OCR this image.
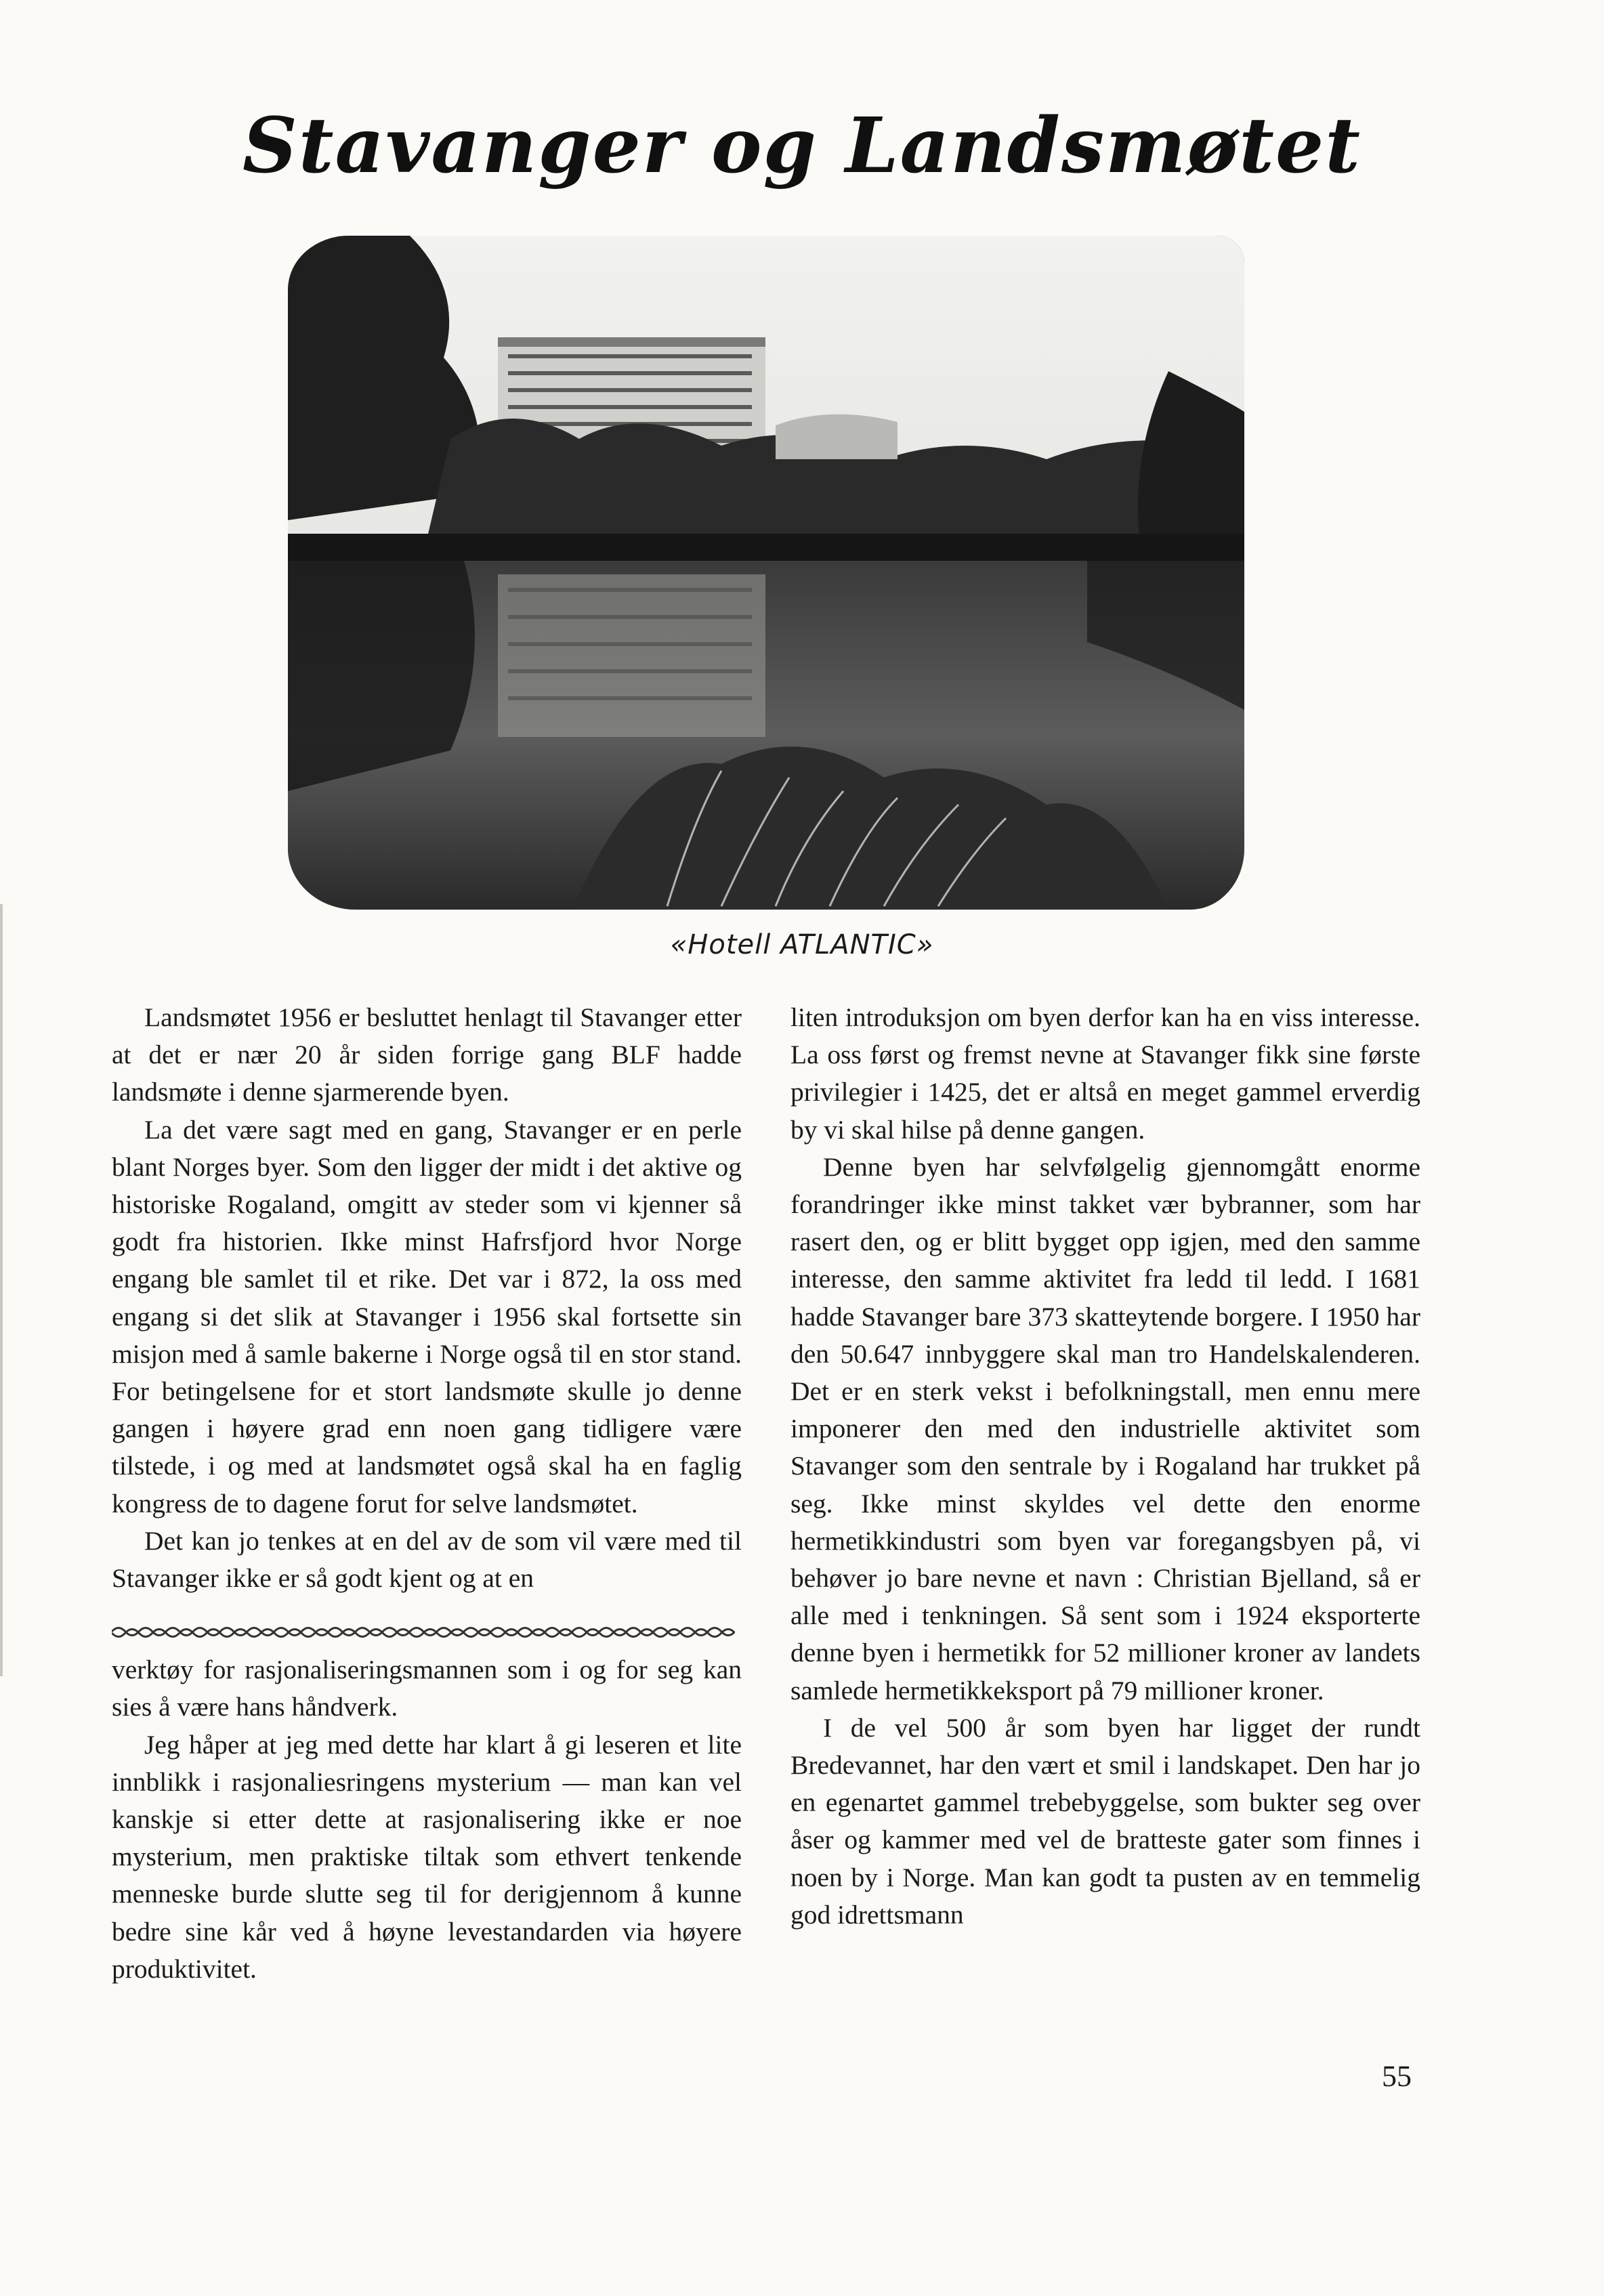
Stavanger og Landsmøtet
«Hotell ATLANTIC»

Landsmøtet 1956 er besluttet henlagt til Stavanger etter at det er nær 20 år siden forrige gang BLF hadde landsmøte i denne sjarmerende byen.

La det være sagt med en gang, Stavanger er en perle blant Norges byer. Som den ligger der midt i det aktive og historiske Rogaland, omgitt av steder som vi kjenner så godt fra historien. Ikke minst Hafrsfjord hvor Norge engang ble samlet til et rike. Det var i 872, la oss med engang si det slik at Stavanger i 1956 skal fortsette sin misjon med å samle bakerne i Norge også til en stor stand. For betingelsene for et stort landsmøte skulle jo denne gangen i høyere grad enn noen gang tidligere være tilstede, i og med at landsmøtet også skal ha en faglig kongress de to dagene forut for selve landsmøtet.

Det kan jo tenkes at en del av de som vil være med til Stavanger ikke er så godt kjent og at en

verktøy for rasjonaliseringsmannen som i og for seg kan sies å være hans håndverk.

Jeg håper at jeg med dette har klart å gi leseren et lite innblikk i rasjonaliesringens mysterium — man kan vel kanskje si etter dette at rasjonalisering ikke er noe mysterium, men praktiske tiltak som ethvert tenkende menneske burde slutte seg til for derigjennom å kunne bedre sine kår ved å høyne levestandarden via høyere produktivitet.

liten introduksjon om byen derfor kan ha en viss interesse. La oss først og fremst nevne at Stavanger fikk sine første privilegier i 1425, det er altså en meget gammel erverdig by vi skal hilse på denne gangen.

Denne byen har selvfølgelig gjennomgått enorme forandringer ikke minst takket vær bybranner, som har rasert den, og er blitt bygget opp igjen, med den samme interesse, den samme aktivitet fra ledd til ledd. I 1681 hadde Stavanger bare 373 skatteytende borgere. I 1950 har den 50.647 innbyggere skal man tro Handelskalenderen. Det er en sterk vekst i befolkningstall, men ennu mere imponerer den med den industrielle aktivitet som Stavanger som den sentrale by i Rogaland har trukket på seg. Ikke minst skyldes vel dette den enorme hermetikkindustri som byen var foregangsbyen på, vi behøver jo bare nevne et navn : Christian Bjelland, så er alle med i tenkningen. Så sent som i 1924 eksporterte denne byen i hermetikk for 52 millioner kroner av landets samlede hermetikkeksport på 79 millioner kroner.

I de vel 500 år som byen har ligget der rundt Bredevannet, har den vært et smil i landskapet. Den har jo en egenartet gammel trebebyggelse, som bukter seg over åser og kammer med vel de bratteste gater som finnes i noen by i Norge. Man kan godt ta pusten av en temmelig god idrettsmann

55
